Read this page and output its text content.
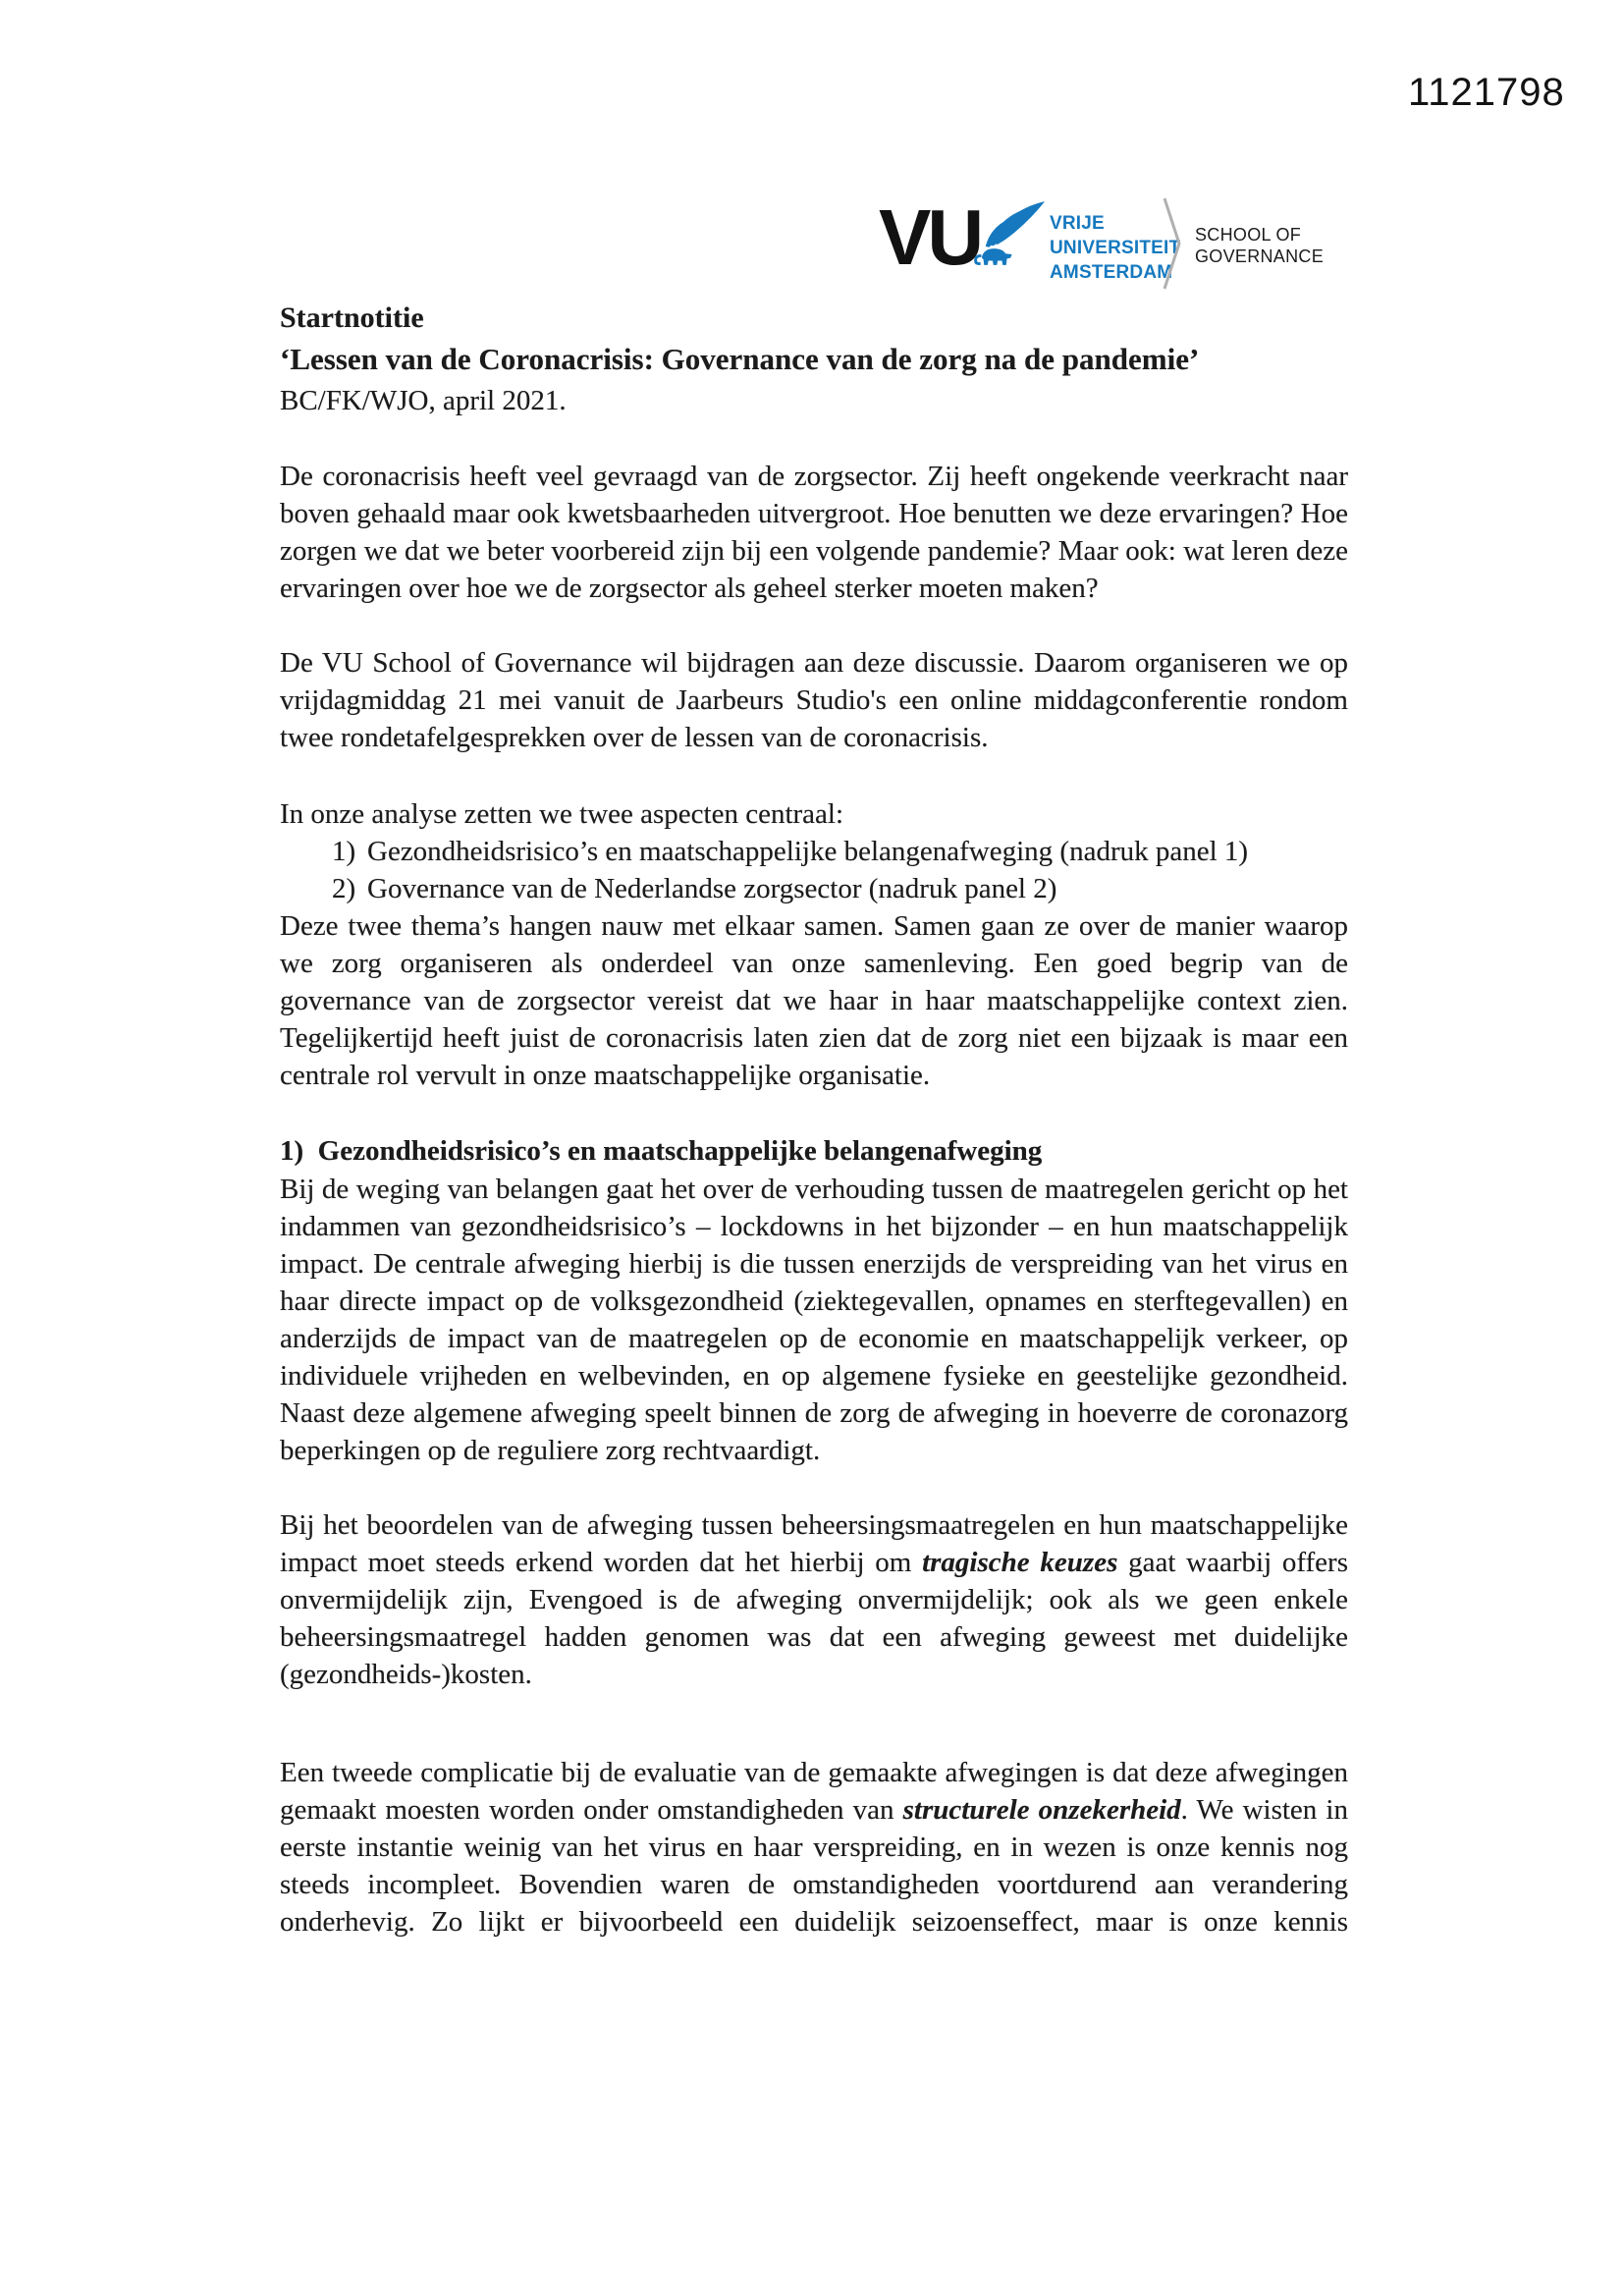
1121798
VU	VRIJE
UNIVERSITEIT
AMSTERDAM
SCHOOL OF
GOVERNANCE
Startnotitie
‘Lessen van de Coronacrisis: Governance van de zorg na de pandemie’
BC/FK/WJO, april 2021.

De coronacrisis heeft veel gevraagd van de zorgsector. Zij heeft ongekende veerkracht naar boven gehaald maar ook kwetsbaarheden uitvergroot. Hoe benutten we deze ervaringen? Hoe zorgen we dat we beter voorbereid zijn bij een volgende pandemie? Maar ook: wat leren deze ervaringen over hoe we de zorgsector als geheel sterker moeten maken?

De VU School of Governance wil bijdragen aan deze discussie. Daarom organiseren we op vrijdagmiddag 21 mei vanuit de Jaarbeurs Studio's een online middagconferentie rondom twee rondetafelgesprekken over de lessen van de coronacrisis.

In onze analyse zetten we twee aspecten centraal:
1) Gezondheidsrisico’s en maatschappelijke belangenafweging (nadruk panel 1)
2) Governance van de Nederlandse zorgsector (nadruk panel 2)

Deze twee thema’s hangen nauw met elkaar samen. Samen gaan ze over de manier waarop we zorg organiseren als onderdeel van onze samenleving. Een goed begrip van de governance van de zorgsector vereist dat we haar in haar maatschappelijke context zien. Tegelijkertijd heeft juist de coronacrisis laten zien dat de zorg niet een bijzaak is maar een centrale rol vervult in onze maatschappelijke organisatie.

1)  Gezondheidsrisico’s en maatschappelijke belangenafweging

Bij de weging van belangen gaat het over de verhouding tussen de maatregelen gericht op het indammen van gezondheidsrisico’s – lockdowns in het bijzonder – en hun maatschappelijk impact. De centrale afweging hierbij is die tussen enerzijds de verspreiding van het virus en haar directe impact op de volksgezondheid (ziektegevallen, opnames en sterftegevallen) en anderzijds de impact van de maatregelen op de economie en maatschappelijk verkeer, op individuele vrijheden en welbevinden, en op algemene fysieke en geestelijke gezondheid. Naast deze algemene afweging speelt binnen de zorg de afweging in hoeverre de coronazorg beperkingen op de reguliere zorg rechtvaardigt.

Bij het beoordelen van de afweging tussen beheersingsmaatregelen en hun maatschappelijke impact moet steeds erkend worden dat het hierbij om tragische keuzes gaat waarbij offers onvermijdelijk zijn, Evengoed is de afweging onvermijdelijk; ook als we geen enkele beheersingsmaatregel hadden genomen was dat een afweging geweest met duidelijke (gezondheids-)kosten.

Een tweede complicatie bij de evaluatie van de gemaakte afwegingen is dat deze afwegingen gemaakt moesten worden onder omstandigheden van structurele onzekerheid. We wisten in eerste instantie weinig van het virus en haar verspreiding, en in wezen is onze kennis nog steeds incompleet. Bovendien waren de omstandigheden voortdurend aan verandering onderhevig. Zo lijkt er bijvoorbeeld een duidelijk seizoenseffect, maar is onze kennis
